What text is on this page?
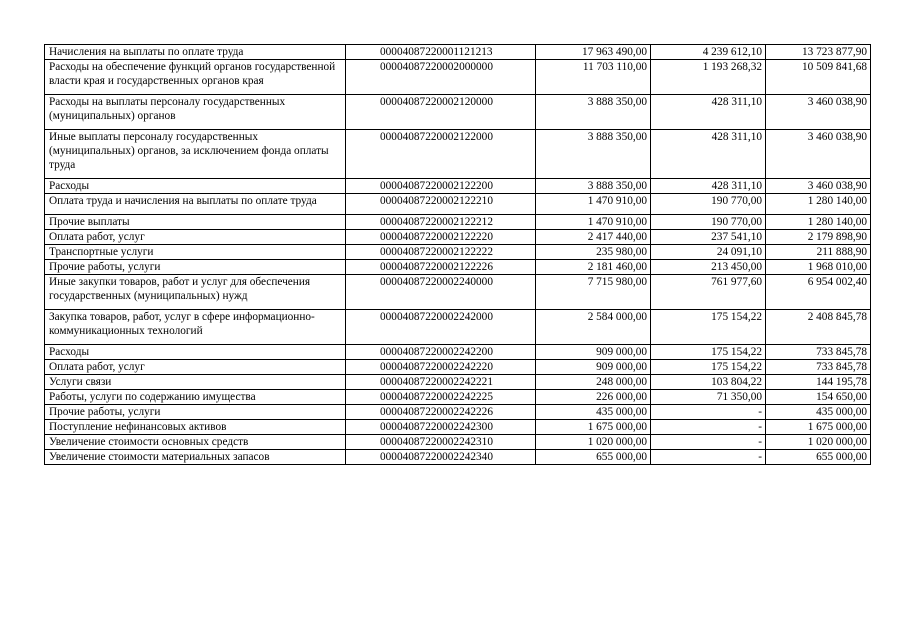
Начисления на выплаты по оплате труда	00004087220001121213	17 963 490,00	4 239 612,10	13 723 877,90
Расходы на обеспечение функций органов государственной власти края и государственных органов края	00004087220002000000	11 703 110,00	1 193 268,32	10 509 841,68
Расходы на выплаты персоналу государственных (муниципальных) органов	00004087220002120000	3 888 350,00	428 311,10	3 460 038,90
Иные выплаты персоналу государственных (муниципальных) органов, за исключением фонда оплаты труда	00004087220002122000	3 888 350,00	428 311,10	3 460 038,90
Расходы	00004087220002122200	3 888 350,00	428 311,10	3 460 038,90
Оплата труда и начисления на выплаты по оплате труда	00004087220002122210	1 470 910,00	190 770,00	1 280 140,00
Прочие выплаты	00004087220002122212	1 470 910,00	190 770,00	1 280 140,00
Оплата работ, услуг	00004087220002122220	2 417 440,00	237 541,10	2 179 898,90
Транспортные услуги	00004087220002122222	235 980,00	24 091,10	211 888,90
Прочие работы, услуги	00004087220002122226	2 181 460,00	213 450,00	1 968 010,00
Иные закупки товаров, работ и услуг для обеспечения государственных (муниципальных) нужд	00004087220002240000	7 715 980,00	761 977,60	6 954 002,40
Закупка товаров, работ, услуг в сфере информационно-коммуникационных технологий	00004087220002242000	2 584 000,00	175 154,22	2 408 845,78
Расходы	00004087220002242200	909 000,00	175 154,22	733 845,78
Оплата работ, услуг	00004087220002242220	909 000,00	175 154,22	733 845,78
Услуги связи	00004087220002242221	248 000,00	103 804,22	144 195,78
Работы, услуги по содержанию имущества	00004087220002242225	226 000,00	71 350,00	154 650,00
Прочие работы, услуги	00004087220002242226	435 000,00	-	435 000,00
Поступление нефинансовых активов	00004087220002242300	1 675 000,00	-	1 675 000,00
Увеличение стоимости основных средств	00004087220002242310	1 020 000,00	-	1 020 000,00
Увеличение стоимости материальных запасов	00004087220002242340	655 000,00	-	655 000,00
